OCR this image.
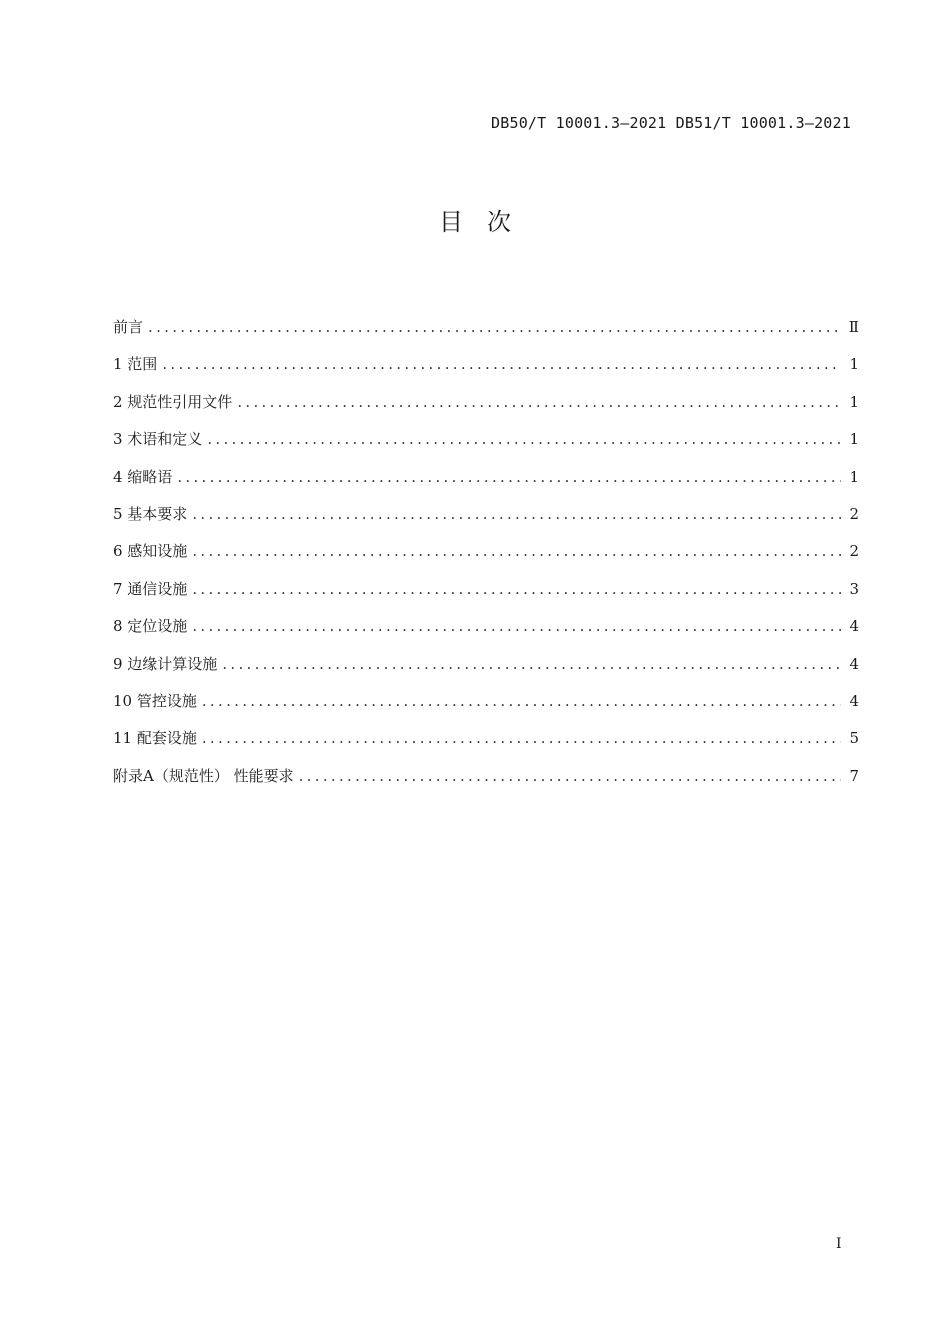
DB50/T 10001.3—2021 DB51/T 10001.3—2021
目次
前言 .....	Ⅱ
1 范围 .....	1
2 规范性引用文件 .....	1
3 术语和定义 .....	1
4 缩略语 .....	1
5 基本要求 .....	2
6 感知设施 .....	2
7 通信设施 .....	3
8 定位设施 .....	4
9 边缘计算设施 .....	4
10 管控设施 .....	4
11 配套设施 .....	5
附录A（规范性） 性能要求 .....	7
I
